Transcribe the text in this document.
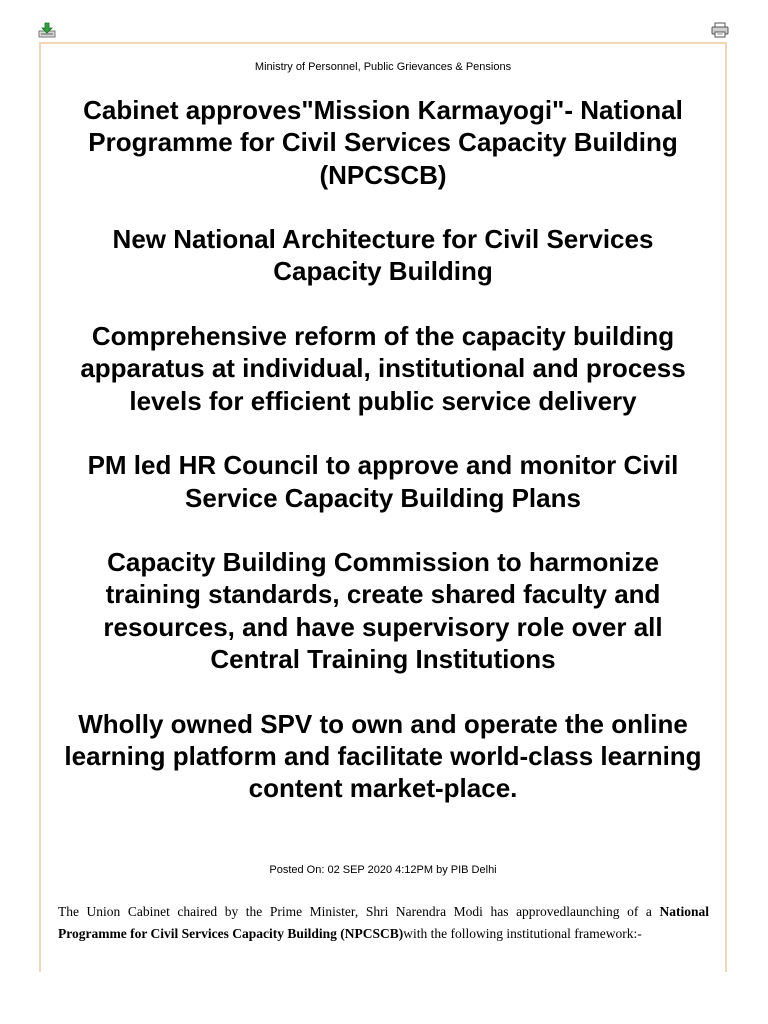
Ministry of Personnel, Public Grievances & Pensions

Cabinet approves"Mission Karmayogi"- National Programme for Civil Services Capacity Building (NPCSCB)

New National Architecture for Civil Services Capacity Building

Comprehensive reform of the capacity building apparatus at individual, institutional and process levels for efficient public service delivery

PM led HR Council to approve and monitor Civil Service Capacity Building Plans

Capacity Building Commission to harmonize training standards, create shared faculty and resources, and have supervisory role over all Central Training Institutions

Wholly owned SPV to own and operate the online learning platform and facilitate world-class learning content market-place.

Posted On: 02 SEP 2020 4:12PM by PIB Delhi
The Union Cabinet chaired by the Prime Minister, Shri Narendra Modi has approvedlaunching of a National Programme for Civil Services Capacity Building (NPCSCB)with the following institutional framework:-
